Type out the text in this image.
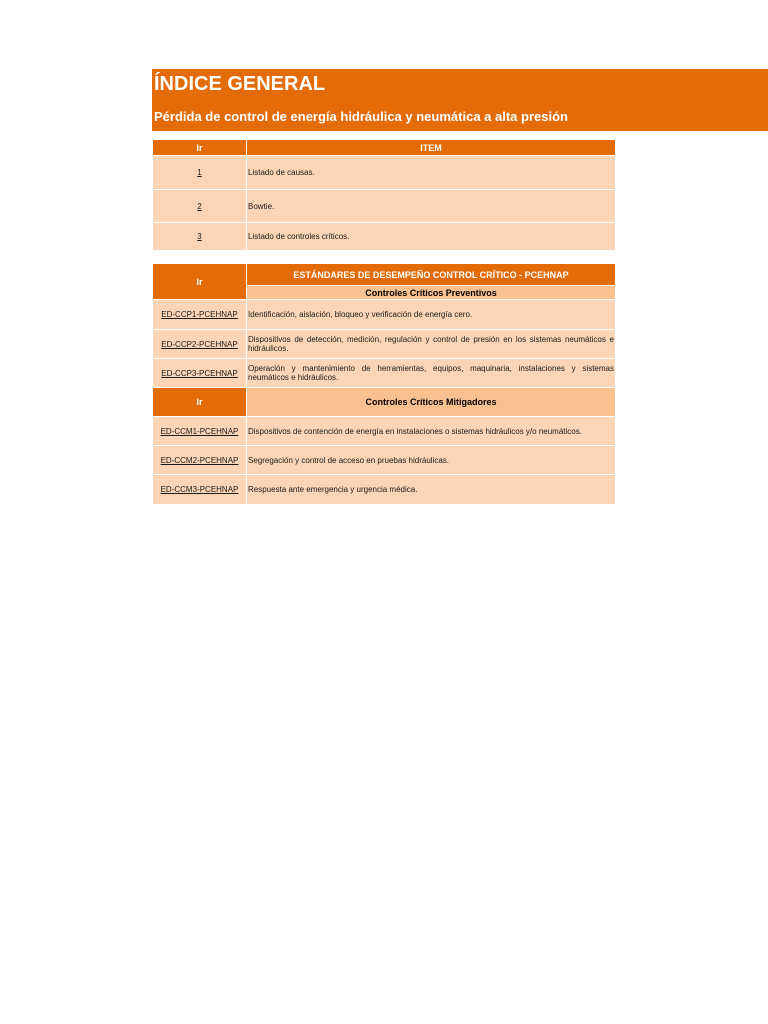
ÍNDICE GENERAL
Pérdida de control de energía hidráulica y neumática a alta presión
Ir	ITEM
1	Listado de causas.
2	Bowtie.
3	Listado de controles críticos.
Ir	ESTÁNDARES DE DESEMPEÑO CONTROL CRÍTICO - PCEHNAP
	Controles Críticos Preventivos
ED-CCP1-PCEHNAP	Identificación, aislación, bloqueo y verificación de energía cero.
ED-CCP2-PCEHNAP	Dispositivos de detección, medición, regulación y control de presión en los sistemas neumáticos e hidráulicos.
ED-CCP3-PCEHNAP	Operación y mantenimiento de herramientas, equipos, maquinaria, instalaciones y sistemas neumáticos e hidráulicos.
Ir	Controles Críticos Mitigadores
ED-CCM1-PCEHNAP	Dispositivos de contención de energía en instalaciones o sistemas hidráulicos y/o neumáticos.
ED-CCM2-PCEHNAP	Segregación y control de acceso en pruebas hidráulicas.
ED-CCM3-PCEHNAP	Respuesta ante emergencia y urgencia médica.
